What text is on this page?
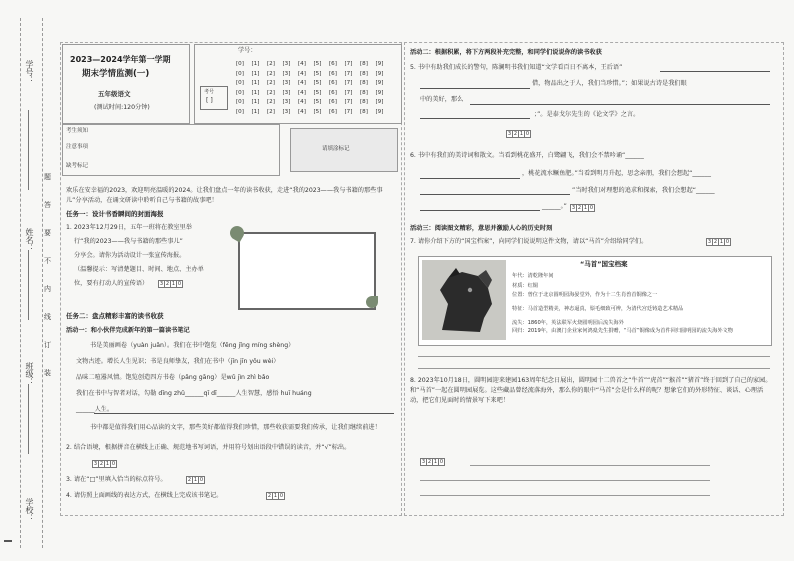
学号：
姓名：
班级：
学校：
题
答
要
不
内
线
订
装
2023—2024学年第一学期
期末学情监测(一)
五年级语文
(测试时间:120分钟)
考号
[ ]
学号：
[0] [1] [2] [3] [4] [5] [6] [7] [8] [9]
[0] [1] [2] [3] [4] [5] [6] [7] [8] [9]
[0] [1] [2] [3] [4] [5] [6] [7] [8] [9]
[0] [1] [2] [3] [4] [5] [6] [7] [8] [9]
[0] [1] [2] [3] [4] [5] [6] [7] [8] [9]
[0] [1] [2] [3] [4] [5] [6] [7] [8] [9]
考生须知
注意事项
缺考标记
请填涂标记
欢乐在安幸福的2023，欢迎明亮温暖的2024。让我们盘点一年的读书收获，走进“我的2023——我与书籍的那些事儿”分享活动，在诵文研读中聆听自己与书籍的故事吧！
任务一：设计书香瞬间的封面海报
1. 2023年12月29日，五年一班将在教室里举
行“我的2023——我与书籍的那些事儿”
分享会。请你为活动设计一张宣传海报。
（温馨提示：写清楚题目、时间、地点、主办单
位，要有打动人的宣传语）	3 2 1 0
任务二：盘点精彩丰富的读书收获
活动一：和小伙伴完成新年的第一篇读书笔记
书是美丽画卷（yuàn juǎn）。我们在书中饱览（fēng jǐng míng shèng）
文物古迹。增长人生见识；书是良师挚友，我们在书中（jīn jīn yǒu wèi）
品味二喧嚣风情。饱览创造四方书卷（pǎng gāng）是wǔ jìn zhì bǎo
我们在书中与智者对话，勾勒 dīng zhǔ______qī dī______人生智慧，感悟 huī huáng
______人生。
书中都是值得我们用心品读的文字，那些美好都值得我们珍惜，那些收获需要我们传承，让我们继续前进！
2. 结合语境，根据拼音在横线上正确、规范地书写词语，并用符号划出语段中错误的读音，并“√”标出。
3 2 1 0
3. 请在“□”里填入恰当的标点符号。	2 1 0
4. 请仿照上面画线的表达方式，在横线上完成该书笔记。	2 1 0
活动二：根据积累，将下方两段补充完整，和同学们说说你的读书收获
5. 书中有助我们成长的警句，陈澜明书我们知道“文学看百日不离本，王后语”
借，物品出之于人，我们当珍惜。”；如果说古诗是我们眼
中的美好，那么
；”。是泰戈尔先生的《论文学》之言。
3 2 1 0
6. 书中有我们的美诗词和散文。当看到桃花盛开，白鹭翩飞，我们会不禁吟诵“______
，桃花流水鳜鱼肥。”当看到明月升起，思念亲朋，我们会想起“______
”当时我们对理想的追求和探索，我们会想起“______
______。”	3 2 1 0
活动三：阅读图文精彩，意思并激励人心的历史时刻
7. 请你介绍下方的“国宝档案”，向同学们说说明这件文物，请以“马首”介绍给同学们。	3 2 1 0
“马首”国宝档案
年代：清乾隆年间
材质：红铜
位置：曾位于北京圆明园海晏堂外，作为十二生肖兽首铜像之一
特征：马首造型精美，神态逼真，鬃毛细致可辨，为清代宫廷铸造艺术精品
流失：1860年，英法联军火烧圆明园后流失海外
回归：2019年，由澳门企业家何鸿燊先生捐赠，“马首”铜像成为首件回归圆明园的流失海外文物
8. 2023年10月18日，圆明园迎来建园163周年纪念日展出，圆明园十二兽首之“牛首”“虎首”“猴首”“猪首”终于回到了自己的家园。和“马首”一起在圆明园展览。这些藏品曾经流落海外，那么你的眼中“马首”会是什么样的呢？想象它们的外形特征、谈话、心理活动，把它们见面时的情景写下来吧！
3 2 1 0
